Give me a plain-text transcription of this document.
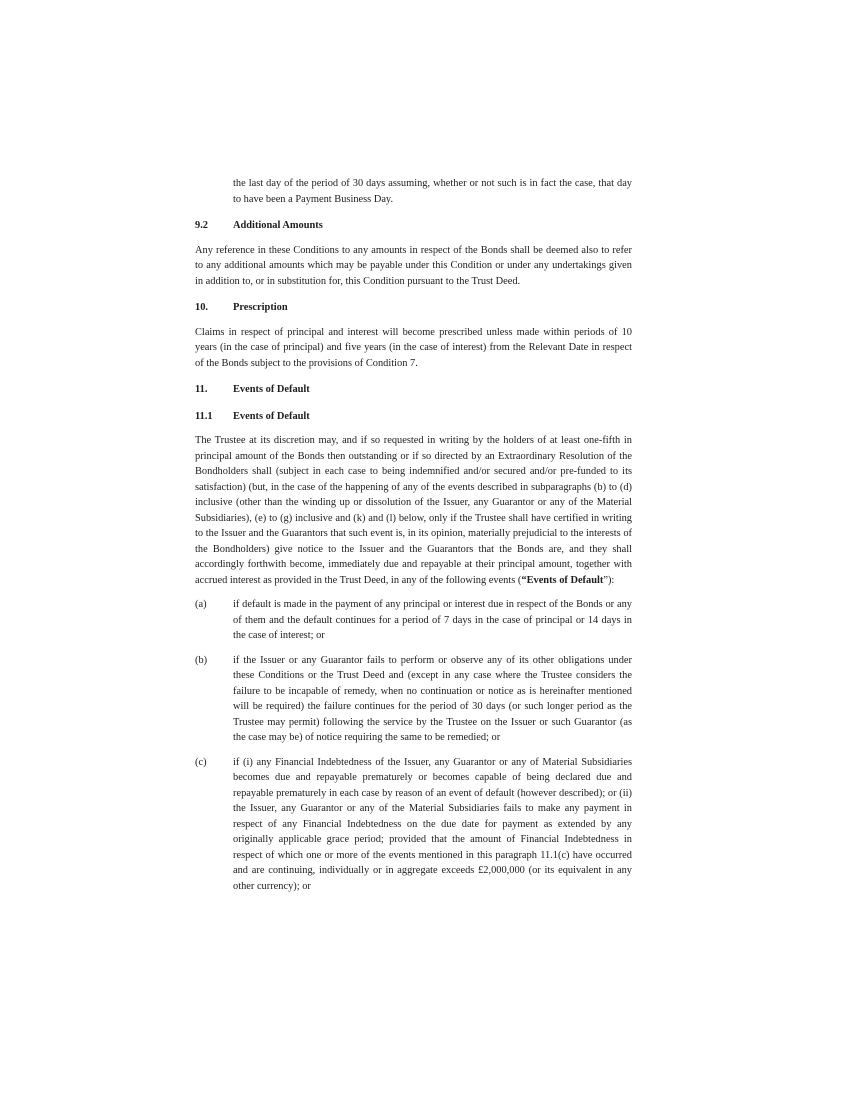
the last day of the period of 30 days assuming, whether or not such is in fact the case, that day to have been a Payment Business Day.

9.2	Additional Amounts

Any reference in these Conditions to any amounts in respect of the Bonds shall be deemed also to refer to any additional amounts which may be payable under this Condition or under any undertakings given in addition to, or in substitution for, this Condition pursuant to the Trust Deed.

10.	Prescription

Claims in respect of principal and interest will become prescribed unless made within periods of 10 years (in the case of principal) and five years (in the case of interest) from the Relevant Date in respect of the Bonds subject to the provisions of Condition 7.

11.	Events of Default
11.1	Events of Default

The Trustee at its discretion may, and if so requested in writing by the holders of at least one-fifth in principal amount of the Bonds then outstanding or if so directed by an Extraordinary Resolution of the Bondholders shall (subject in each case to being indemnified and/or secured and/or pre-funded to its satisfaction) (but, in the case of the happening of any of the events described in subparagraphs (b) to (d) inclusive (other than the winding up or dissolution of the Issuer, any Guarantor or any of the Material Subsidiaries), (e) to (g) inclusive and (k) and (l) below, only if the Trustee shall have certified in writing to the Issuer and the Guarantors that such event is, in its opinion, materially prejudicial to the interests of the Bondholders) give notice to the Issuer and the Guarantors that the Bonds are, and they shall accordingly forthwith become, immediately due and repayable at their principal amount, together with accrued interest as provided in the Trust Deed, in any of the following events (“Events of Default”):

(a)	if default is made in the payment of any principal or interest due in respect of the Bonds or any of them and the default continues for a period of 7 days in the case of principal or 14 days in the case of interest; or
(b)	if the Issuer or any Guarantor fails to perform or observe any of its other obligations under these Conditions or the Trust Deed and (except in any case where the Trustee considers the failure to be incapable of remedy, when no continuation or notice as is hereinafter mentioned will be required) the failure continues for the period of 30 days (or such longer period as the Trustee may permit) following the service by the Trustee on the Issuer or such Guarantor (as the case may be) of notice requiring the same to be remedied; or
(c)	if (i) any Financial Indebtedness of the Issuer, any Guarantor or any of Material Subsidiaries becomes due and repayable prematurely or becomes capable of being declared due and repayable prematurely in each case by reason of an event of default (however described); or (ii) the Issuer, any Guarantor or any of the Material Subsidiaries fails to make any payment in respect of any Financial Indebtedness on the due date for payment as extended by any originally applicable grace period; provided that the amount of Financial Indebtedness in respect of which one or more of the events mentioned in this paragraph 11.1(c) have occurred and are continuing, individually or in aggregate exceeds £2,000,000 (or its equivalent in any other currency); or
